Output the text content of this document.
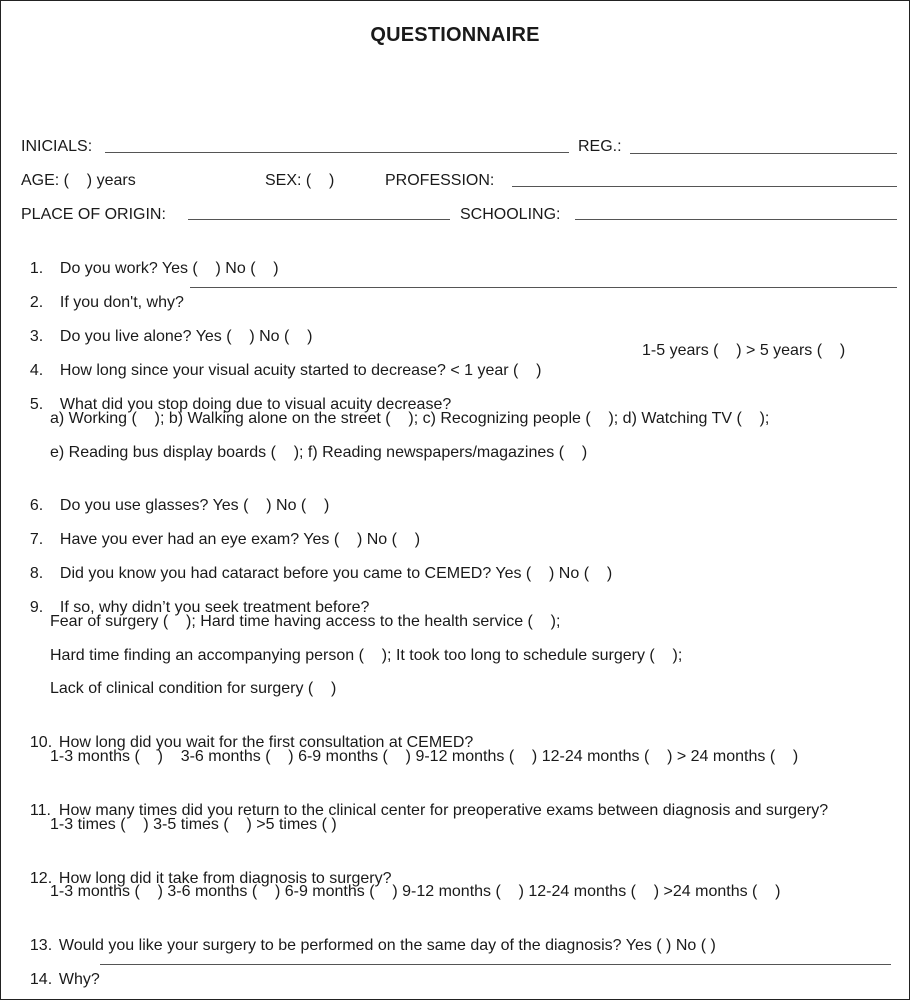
QUESTIONNAIRE
INICIALS:	REG.:
AGE: (    ) years	SEX: (    )	PROFESSION:
PLACE OF ORIGIN:	SCHOOLING:

1. Do you work? Yes (    ) No (    )

2. If you don't, why?

3. Do you live alone? Yes (    ) No (    )

4. How long since your visual acuity started to decrease? < 1 year (    )

1-5 years (    ) > 5 years (    )

5. What did you stop doing due to visual acuity decrease?

a) Working (    ); b) Walking alone on the street (    ); c) Recognizing people (    ); d) Watching TV (    );
e) Reading bus display boards (    ); f) Reading newspapers/magazines (    )

6. Do you use glasses? Yes (    ) No (    )

7. Have you ever had an eye exam? Yes (    ) No (    )

8. Did you know you had cataract before you came to CEMED? Yes (    ) No (    )

9. If so, why didn’t you seek treatment before?

Fear of surgery (    ); Hard time having access to the health service (    );
Hard time finding an accompanying person (    ); It took too long to schedule surgery (    );
Lack of clinical condition for surgery (    )

10. How long did you wait for the first consultation at CEMED?

1-3 months (    )    3-6 months (    ) 6-9 months (    ) 9-12 months (    ) 12-24 months (    ) > 24 months (    )

11. How many times did you return to the clinical center for preoperative exams between diagnosis and surgery?

1-3 times (    ) 3-5 times (    ) >5 times ( )

12. How long did it take from diagnosis to surgery?

1-3 months (    ) 3-6 months (    ) 6-9 months (    ) 9-12 months (    ) 12-24 months (    ) >24 months (    )

13. Would you like your surgery to be performed on the same day of the diagnosis? Yes ( ) No ( )

14. Why?
